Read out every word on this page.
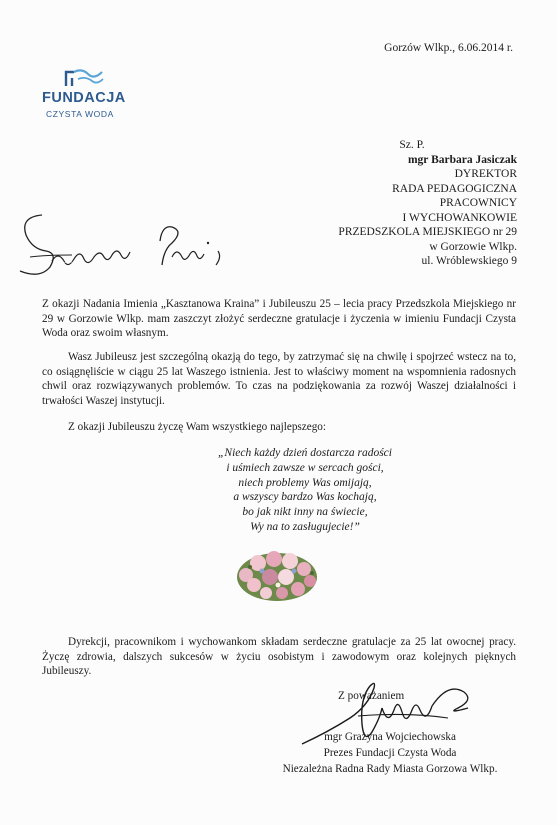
Gorzów Wlkp., 6.06.2014 r.
FUNDACJA
CZYSTA WODA
Sz. P.
mgr Barbara Jasiczak
DYREKTOR
RADA PEDAGOGICZNA
PRACOWNICY
I WYCHOWANKOWIE
PRZEDSZKOLA MIEJSKIEGO nr 29
w Gorzowie Wlkp.
ul. Wróblewskiego 9
Szanowna Pani,
Z okazji Nadania Imienia „Kasztanowa Kraina” i Jubileuszu 25 – lecia pracy Przedszkola Miejskiego nr 29 w Gorzowie Wlkp. mam zaszczyt złożyć serdeczne gratulacje i życzenia w imieniu Fundacji Czysta Woda oraz swoim własnym.
Wasz Jubileusz jest szczególną okazją do tego, by zatrzymać się na chwilę i spojrzeć wstecz na to, co osiągnęliście w ciągu 25 lat Waszego istnienia. Jest to właściwy moment na wspomnienia radosnych chwil oraz rozwiązywanych problemów. To czas na podziękowania za rozwój Waszej działalności i trwałości Waszej instytucji.
Z okazji Jubileuszu życzę Wam wszystkiego najlepszego:
„Niech każdy dzień dostarcza radości
i uśmiech zawsze w sercach gości,
niech problemy Was omijają,
a wszyscy bardzo Was kochają,
bo jak nikt inny na świecie,
Wy na to zasługujecie!”
Dyrekcji, pracownikom i wychowankom składam serdeczne gratulacje za 25 lat owocnej pracy. Życzę zdrowia, dalszych sukcesów w życiu osobistym i zawodowym oraz kolejnych pięknych Jubileuszy.
Z poważaniem
mgr Grażyna Wojciechowska
Prezes Fundacji Czysta Woda
Niezależna Radna Rady Miasta Gorzowa Wlkp.
